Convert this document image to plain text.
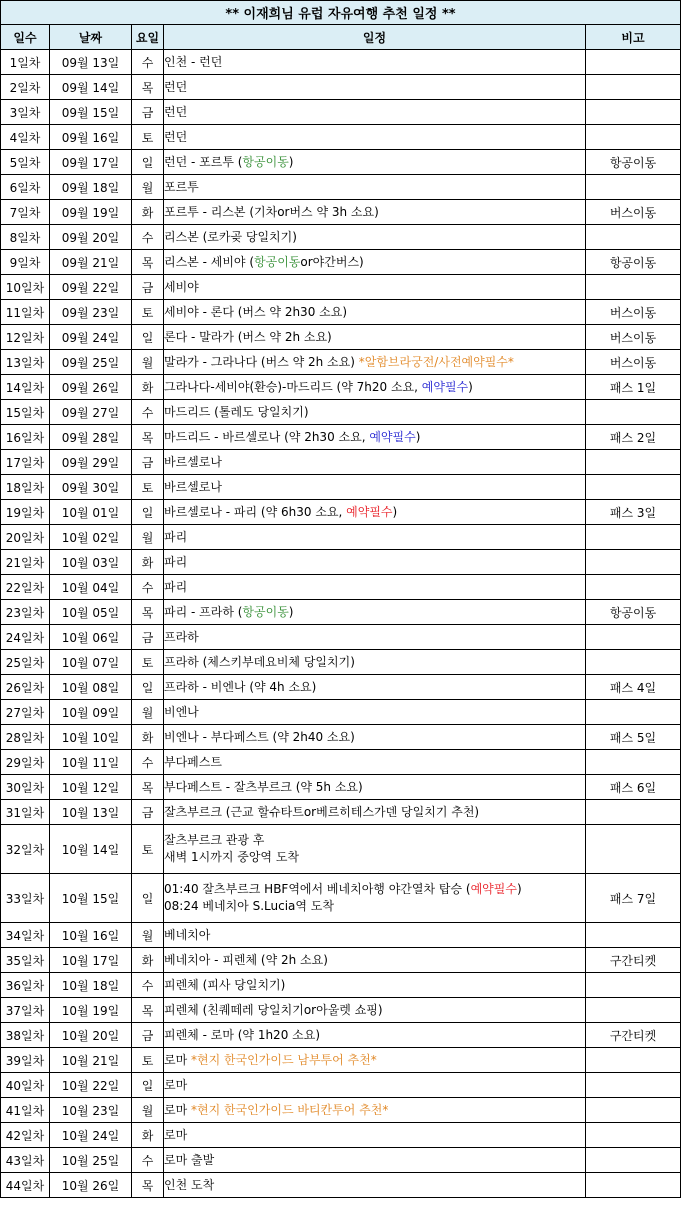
** 이재희님 유럽 자유여행 추천 일정 **				
일수	날짜	요일	일정	비고
1일차	09월 13일	수	인천 - 런던	

2일차	09월 14일	목	런던	

3일차	09월 15일	금	런던	

4일차	09월 16일	토	런던	

5일차	09월 17일	일	런던 - 포르투 (항공이동)	항공이동
6일차	09월 18일	월	포르투	

7일차	09월 19일	화	포르투 - 리스본 (기차or버스 약 3h 소요)	버스이동
8일차	09월 20일	수	리스본 (로카곶 당일치기)	

9일차	09월 21일	목	리스본 - 세비야 (항공이동or야간버스)	항공이동
10일차	09월 22일	금	세비야	

11일차	09월 23일	토	세비야 - 론다 (버스 약 2h30 소요)	버스이동
12일차	09월 24일	일	론다 - 말라가 (버스 약 2h 소요)	버스이동
13일차	09월 25일	월	말라가 - 그라나다 (버스 약 2h 소요) *알함브라궁전/사전예약필수*	버스이동
14일차	09월 26일	화	그라나다-세비야(환승)-마드리드 (약 7h20 소요, 예약필수)	패스 1일
15일차	09월 27일	수	마드리드 (톨레도 당일치기)	

16일차	09월 28일	목	마드리드 - 바르셀로나 (약 2h30 소요, 예약필수)	패스 2일
17일차	09월 29일	금	바르셀로나	

18일차	09월 30일	토	바르셀로나	

19일차	10월 01일	일	바르셀로나 - 파리 (약 6h30 소요, 예약필수)	패스 3일
20일차	10월 02일	월	파리	

21일차	10월 03일	화	파리	

22일차	10월 04일	수	파리	

23일차	10월 05일	목	파리 - 프라하 (항공이동)	항공이동
24일차	10월 06일	금	프라하	

25일차	10월 07일	토	프라하 (체스키부데요비체 당일치기)	

26일차	10월 08일	일	프라하 - 비엔나 (약 4h 소요)	패스 4일
27일차	10월 09일	월	비엔나	

28일차	10월 10일	화	비엔나 - 부다페스트 (약 2h40 소요)	패스 5일
29일차	10월 11일	수	부다페스트	

30일차	10월 12일	목	부다페스트 - 잘츠부르크 (약 5h 소요)	패스 6일
31일차	10월 13일	금	잘츠부르크 (근교 할슈타트or베르히테스가덴 당일치기 추천)	

32일차	10월 14일	토	잘츠부르크 관광 후
새벽 1시까지 중앙역 도착	

33일차	10월 15일	일	01:40 잘츠부르크 HBF역에서 베네치아행 야간열차 탑승 (예약필수)
08:24 베네치아 S.Lucia역 도착	패스 7일
34일차	10월 16일	월	베네치아	

35일차	10월 17일	화	베네치아 - 피렌체 (약 2h 소요)	구간티켓
36일차	10월 18일	수	피렌체 (피사 당일치기)	

37일차	10월 19일	목	피렌체 (친퀘떼레 당일치기or아울렛 쇼핑)	

38일차	10월 20일	금	피렌체 - 로마 (약 1h20 소요)	구간티켓
39일차	10월 21일	토	로마 *현지 한국인가이드 남부투어 추천*	

40일차	10월 22일	일	로마	

41일차	10월 23일	월	로마 *현지 한국인가이드 바티칸투어 추천*	

42일차	10월 24일	화	로마	

43일차	10월 25일	수	로마 출발	

44일차	10월 26일	목	인천 도착	
